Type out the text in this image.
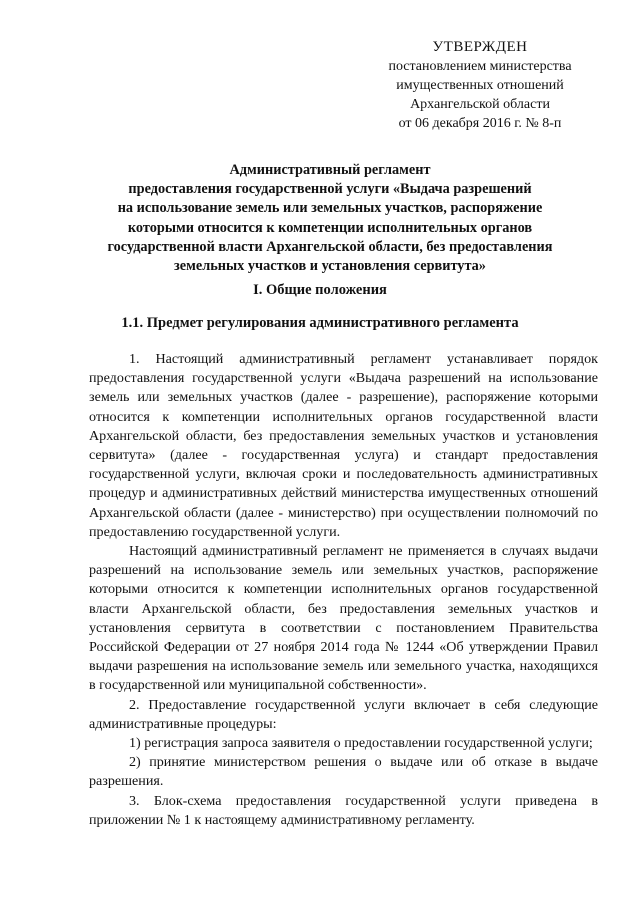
УТВЕРЖДЕН
постановлением министерства
имущественных отношений
Архангельской области
от 06 декабря 2016 г. № 8-п
Административный регламент
предоставления государственной услуги «Выдача разрешений
на использование земель или земельных участков, распоряжение
которыми относится к компетенции исполнительных органов
государственной власти Архангельской области, без предоставления
земельных участков и установления сервитута»
I. Общие положения
1.1. Предмет регулирования административного регламента

1. Настоящий административный регламент устанавливает порядок предоставления государственной услуги «Выдача разрешений на использование земель или земельных участков (далее - разрешение), распоряжение которыми относится к компетенции исполнительных органов государственной власти Архангельской области, без предоставления земельных участков и установления сервитута» (далее - государственная услуга) и стандарт предоставления государственной услуги, включая сроки и последовательность административных процедур и административных действий министерства имущественных отношений Архангельской области (далее - министерство) при осуществлении полномочий по предоставлению государственной услуги.

Настоящий административный регламент не применяется в случаях выдачи разрешений на использование земель или земельных участков, распоряжение которыми относится к компетенции исполнительных органов государственной власти Архангельской области, без предоставления земельных участков и установления сервитута в соответствии с постановлением Правительства Российской Федерации от 27 ноября 2014 года № 1244 «Об утверждении Правил выдачи разрешения на использование земель или земельного участка, находящихся в государственной или муниципальной собственности».

2. Предоставление государственной услуги включает в себя следующие административные процедуры:

1) регистрация запроса заявителя о предоставлении государственной услуги;

2) принятие министерством решения о выдаче или об отказе в выдаче разрешения.

3. Блок-схема предоставления государственной услуги приведена в приложении № 1 к настоящему административному регламенту.
